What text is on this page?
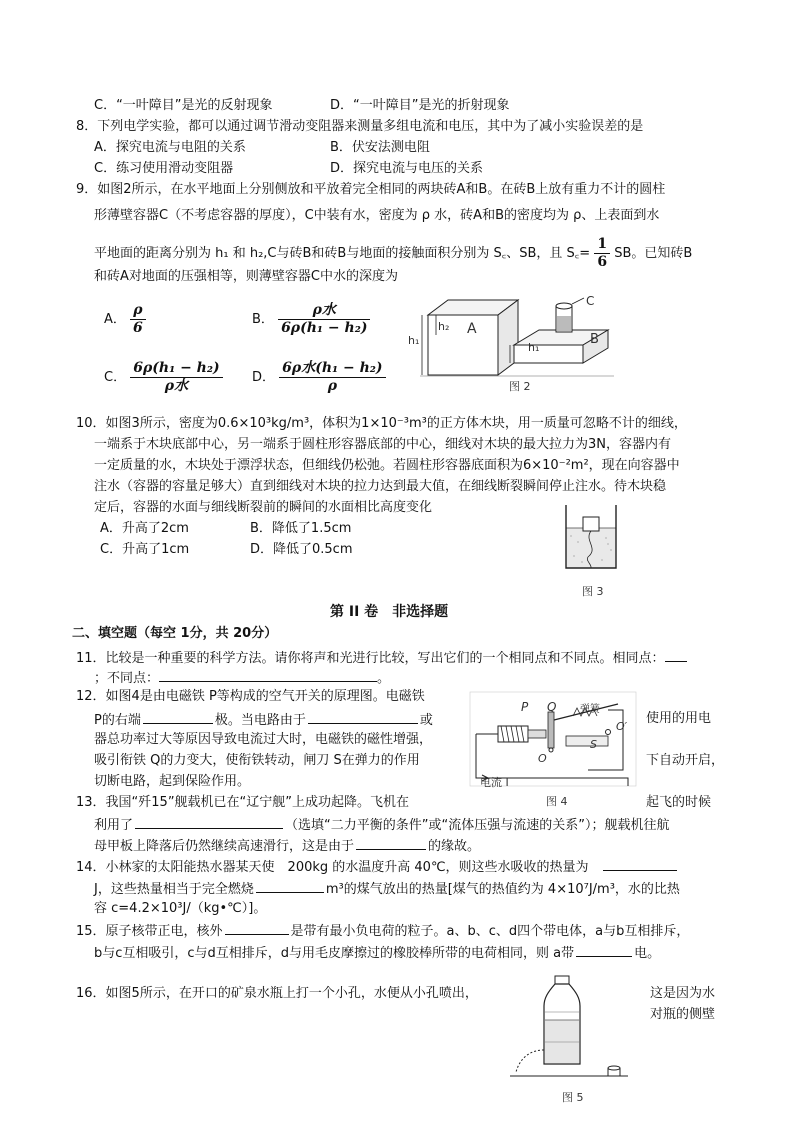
C．“一叶障目”是光的反射现象	D．“一叶障目”是光的折射现象
8．下列电学实验，都可以通过调节滑动变阻器来测量多组电流和电压，其中为了减小实验误差的是
A．探究电流与电阻的关系	B．伏安法测电阻
C．练习使用滑动变阻器	D．探究电流与电压的关系
9．如图2所示，在水平地面上分别侧放和平放着完全相同的两块砖A和B。在砖B上放有重力不计的圆柱
形薄壁容器C（不考虑容器的厚度），C中装有水，密度为 ρ 水，砖A和B的密度均为 ρ、上表面到水
平地面的距离分别为 h₁ 和 h₂,C与砖B和砖B与地面的接触面积分别为 S꜀、SB，且 S꜀= $\frac{1}{6}$ SB。已知砖B
和砖A对地面的压强相等，则薄壁容器C中水的深度为
A． $\frac{\rho}{6}$	B． $\frac{\text{ρ水}}{\text{6ρ(h₁ − h₂)}}$
C． $\frac{\text{6ρ(h₁ − h₂)}}{\text{ρ水}}$ D． $\frac{\text{6ρ水(h₁ − h₂)}}{\rho}$
A
B
C
h₁
h₂
h₁
图 2
10．如图3所示，密度为0.6×10³kg/m³，体积为1×10⁻³m³的正方体木块，用一质量可忽略不计的细线，
一端系于木块底部中心，另一端系于圆柱形容器底部的中心，细线对木块的最大拉力为3N，容器内有
一定质量的水，木块处于漂浮状态，但细线仍松弛。若圆柱形容器底面积为6×10⁻²m²，现在向容器中
注水（容器的容量足够大）直到细线对木块的拉力达到最大值，在细线断裂瞬间停止注水。待木块稳
定后，容器的水面与细线断裂前的瞬间的水面相比高度变化
A．升高了2cm	B．降低了1.5cm
C．升高了1cm	D．降低了0.5cm
图 3
第 II 卷　非选择题
二、填空题（每空 1分，共 20分）
11．比较是一种重要的科学方法。请你将声和光进行比较，写出它们的一个相同点和不同点。相同点：
；不同点：	。
12．如图4是由电磁铁 P等构成的空气开关的原理图。电磁铁
使用的用电
P的右端	极。当电路由于	或
器总功率过大等原因导致电流过大时，电磁铁的磁性增强，
吸引衔铁 Q的力变大，使衔铁转动，闸刀 S在弹力的作用	下自动开启，
切断电路，起到保险作用。
P Q
S
O
O′
弹簧
电流 I
图 4
13．我国“歼15”舰载机已在“辽宁舰”上成功起降。飞机在	起飞的时候
利用了	（选填“二力平衡的条件”或“流体压强与流速的关系”）；舰载机往航
母甲板上降落后仍然继续高速滑行，这是由于	的缘故。
14．小林家的太阳能热水器某天使　200kg 的水温度升高 40℃，则这些水吸收的热量为
J，这些热量相当于完全燃烧	m³的煤气放出的热量[煤气的热值约为 4×10⁷J/m³，水的比热
容 c=4.2×10³J/（kg•℃）]。
15．原子核带正电，核外	是带有最小负电荷的粒子。a、b、c、d四个带电体，a与b互相排斥，
b与c互相吸引，c与d互相排斥，d与用毛皮摩擦过的橡胶棒所带的电荷相同，则 a带	电。
16．如图5所示，在开口的矿泉水瓶上打一个小孔，水便从小孔喷出，	这是因为水
对瓶的侧壁
图 5
